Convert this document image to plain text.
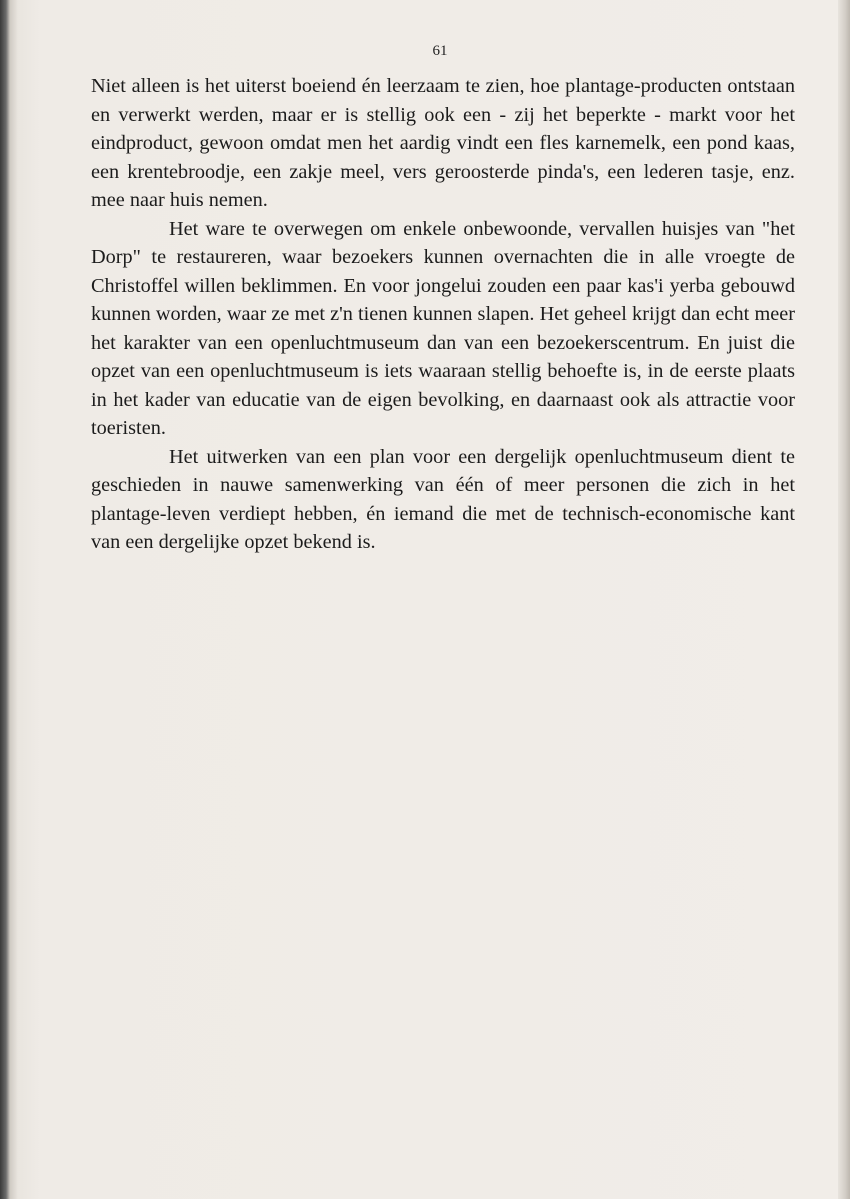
61

Niet alleen is het uiterst boeiend én leerzaam te zien, hoe plantage-producten ontstaan en verwerkt werden, maar er is stellig ook een - zij het beperkte - markt voor het eindproduct, gewoon omdat men het aardig vindt een fles karnemelk, een pond kaas, een krentebroodje, een zakje meel, vers geroosterde pinda's, een lederen tasje, enz. mee naar huis nemen.

Het ware te overwegen om enkele onbewoonde, vervallen huisjes van "het Dorp" te restaureren, waar bezoekers kunnen overnachten die in alle vroegte de Christoffel willen beklimmen. En voor jongelui zouden een paar kas'i yerba gebouwd kunnen worden, waar ze met z'n tienen kunnen slapen. Het geheel krijgt dan echt meer het karakter van een openluchtmuseum dan van een bezoekerscentrum. En juist die opzet van een openluchtmuseum is iets waaraan stellig behoefte is, in de eerste plaats in het kader van educatie van de eigen bevolking, en daarnaast ook als attractie voor toeristen.

Het uitwerken van een plan voor een dergelijk openluchtmuseum dient te geschieden in nauwe samenwerking van één of meer personen die zich in het plantage-leven verdiept hebben, én iemand die met de technisch-economische kant van een dergelijke opzet bekend is.
